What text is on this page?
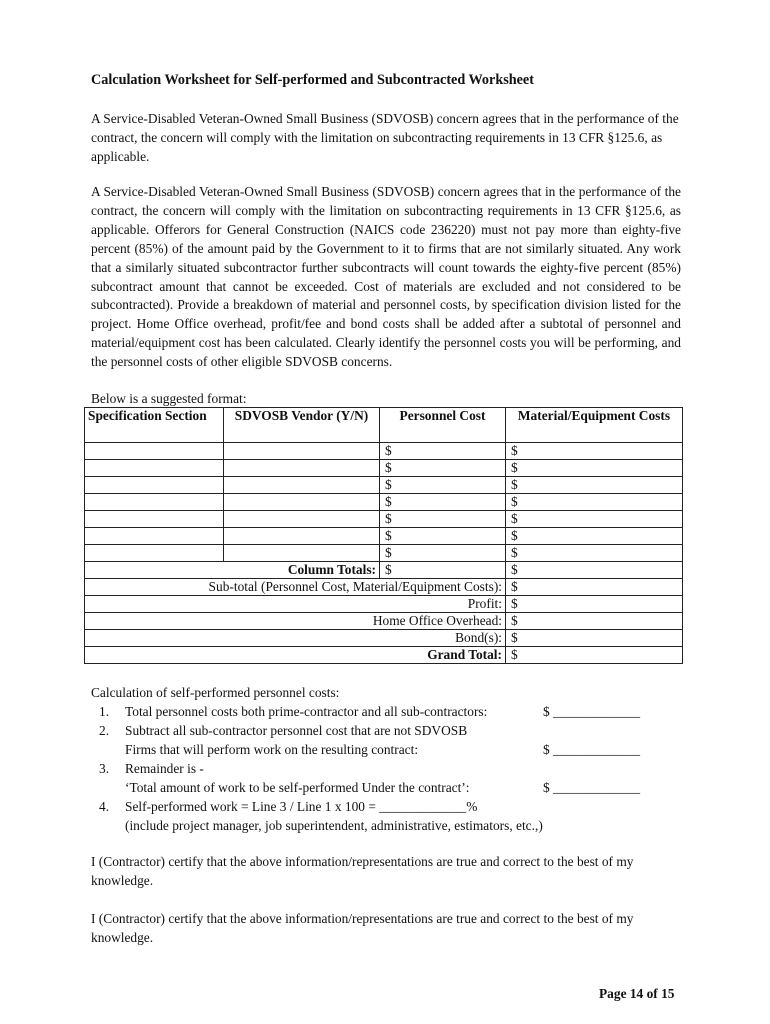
Calculation Worksheet for Self-performed and Subcontracted Worksheet
A Service-Disabled Veteran-Owned Small Business (SDVOSB) concern agrees that in the performance of the contract, the concern will comply with the limitation on subcontracting requirements in 13 CFR §125.6, as applicable.
A Service-Disabled Veteran-Owned Small Business (SDVOSB) concern agrees that in the performance of the contract, the concern will comply with the limitation on subcontracting requirements in 13 CFR §125.6, as applicable. Offerors for General Construction (NAICS code 236220) must not pay more than eighty-five percent (85%) of the amount paid by the Government to it to firms that are not similarly situated. Any work that a similarly situated subcontractor further subcontracts will count towards the eighty-five percent (85%) subcontract amount that cannot be exceeded. Cost of materials are excluded and not considered to be subcontracted). Provide a breakdown of material and personnel costs, by specification division listed for the project. Home Office overhead, profit/fee and bond costs shall be added after a subtotal of personnel and material/equipment cost has been calculated. Clearly identify the personnel costs you will be performing, and the personnel costs of other eligible SDVOSB concerns.
Below is a suggested format:
Specification Section	SDVOSB Vendor (Y/N)	Personnel Cost	Material/Equipment Costs
		$	$
		$	$
		$	$
		$	$
		$	$
		$	$
		$	$
Column Totals:		$	$
Sub-total (Personnel Cost, Material/Equipment Costs):			$
Profit:			$
Home Office Overhead:			$
Bond(s):			$
Grand Total:			$
Calculation of self-performed personnel costs:
1. Total personnel costs both prime-contractor and all sub-contractors:	$ _____________
2. Subtract all sub-contractor personnel cost that are not SDVOSB
Firms that will perform work on the resulting contract:	$ _____________
3. Remainder is -
‘Total amount of work to be self-performed Under the contract’:	$ _____________
4. Self-performed work = Line 3 / Line 1 x 100 = _____________%
(include project manager, job superintendent, administrative, estimators, etc.,)
I (Contractor) certify that the above information/representations are true and correct to the best of my knowledge.
I (Contractor) certify that the above information/representations are true and correct to the best of my knowledge.
Page 14 of 15
